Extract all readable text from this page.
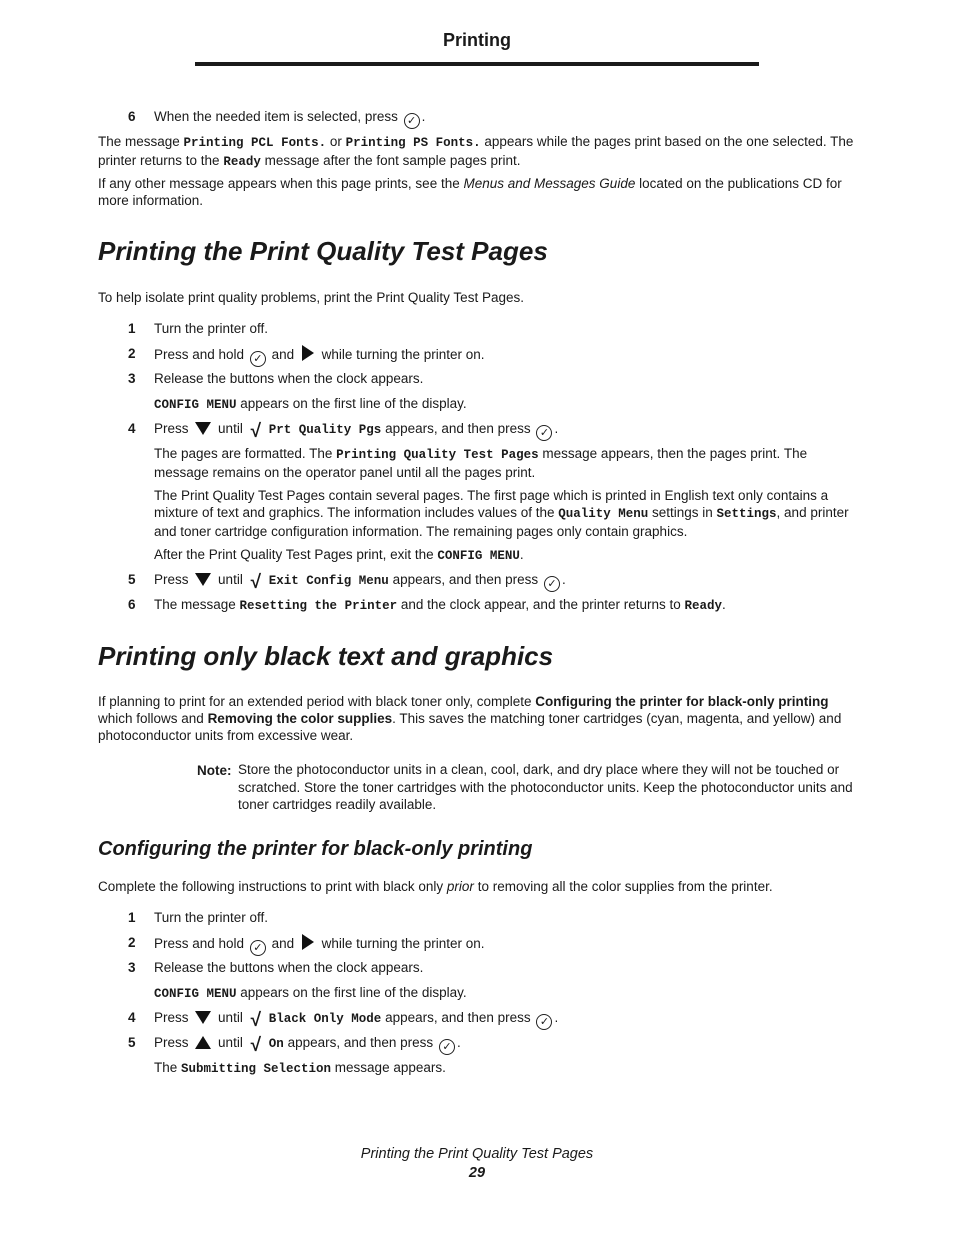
Printing
6 When the needed item is selected, press ✓ .
The message Printing PCL Fonts. or Printing PS Fonts. appears while the pages print based on the one selected. The printer returns to the Ready message after the font sample pages print.
If any other message appears when this page prints, see the Menus and Messages Guide located on the publications CD for more information.
Printing the Print Quality Test Pages
To help isolate print quality problems, print the Print Quality Test Pages.
1 Turn the printer off.
2 Press and hold ✓ and while turning the printer on.
3 Release the buttons when the clock appears.
CONFIG MENU appears on the first line of the display.
4 Press until √ Prt Quality Pgs appears, and then press ✓ .
The pages are formatted. The Printing Quality Test Pages message appears, then the pages print. The message remains on the operator panel until all the pages print.
The Print Quality Test Pages contain several pages. The first page which is printed in English text only contains a mixture of text and graphics. The information includes values of the Quality Menu settings in Settings, and printer and toner cartridge configuration information. The remaining pages only contain graphics.
After the Print Quality Test Pages print, exit the CONFIG MENU.
5 Press until √ Exit Config Menu appears, and then press ✓ .
6 The message Resetting the Printer and the clock appear, and the printer returns to Ready.
Printing only black text and graphics
If planning to print for an extended period with black toner only, complete Configuring the printer for black-only printing which follows and Removing the color supplies. This saves the matching toner cartridges (cyan, magenta, and yellow) and photoconductor units from excessive wear.
Note: Store the photoconductor units in a clean, cool, dark, and dry place where they will not be touched or scratched. Store the toner cartridges with the photoconductor units. Keep the photoconductor units and toner cartridges readily available.
Configuring the printer for black-only printing
Complete the following instructions to print with black only prior to removing all the color supplies from the printer.
1 Turn the printer off.
2 Press and hold ✓ and while turning the printer on.
3 Release the buttons when the clock appears.
CONFIG MENU appears on the first line of the display.
4 Press until √ Black Only Mode appears, and then press ✓ .
5 Press until √ On appears, and then press ✓ .
The Submitting Selection message appears.
Printing the Print Quality Test Pages
29
